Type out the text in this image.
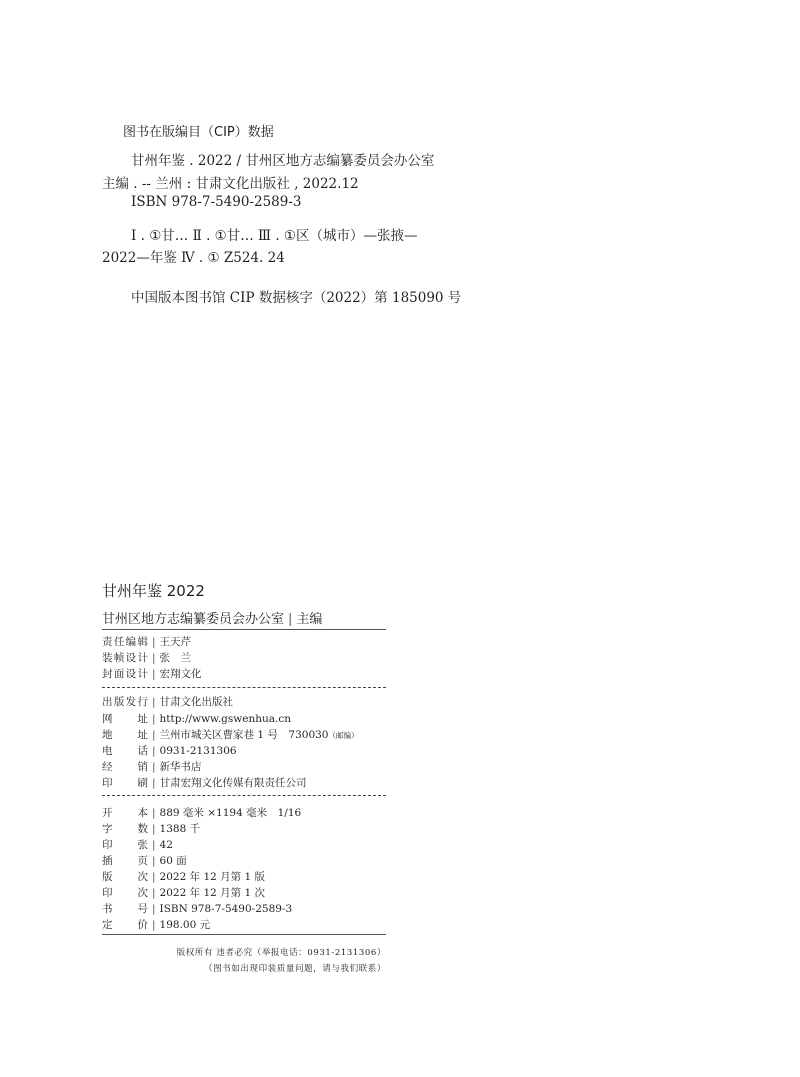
图书在版编目（CIP）数据
甘州年鉴 . 2022 / 甘州区地方志编纂委员会办公室
主编 . -- 兰州 : 甘肃文化出版社 , 2022.12
ISBN 978-7-5490-2589-3
Ⅰ . ①甘… Ⅱ . ①甘… Ⅲ . ①区（城市）—张掖—
2022—年鉴 Ⅳ . ① Z524. 24
中国版本图书馆 CIP 数据核字（2022）第 185090 号
甘州年鉴 2022
甘州区地方志编纂委员会办公室 | 主编
责任编辑 | 王天芹
装帧设计 | 张　兰
封面设计 | 宏翔文化
出版发行 | 甘肃文化出版社
网址 | http://www.gswenhua.cn
地址 | 兰州市城关区曹家巷 1 号　730030（邮编）
电话 | 0931-2131306
经销 | 新华书店
印刷 | 甘肃宏翔文化传媒有限责任公司
开本 | 889 毫米 ×1194 毫米　1/16
字数 | 1388 千
印张 | 42
插页 | 60 面
版次 | 2022 年 12 月第 1 版
印次 | 2022 年 12 月第 1 次
书号 | ISBN 978-7-5490-2589-3
定价 | 198.00 元
版权所有 违者必究（举报电话：0931-2131306）
（图书如出现印装质量问题，请与我们联系）
